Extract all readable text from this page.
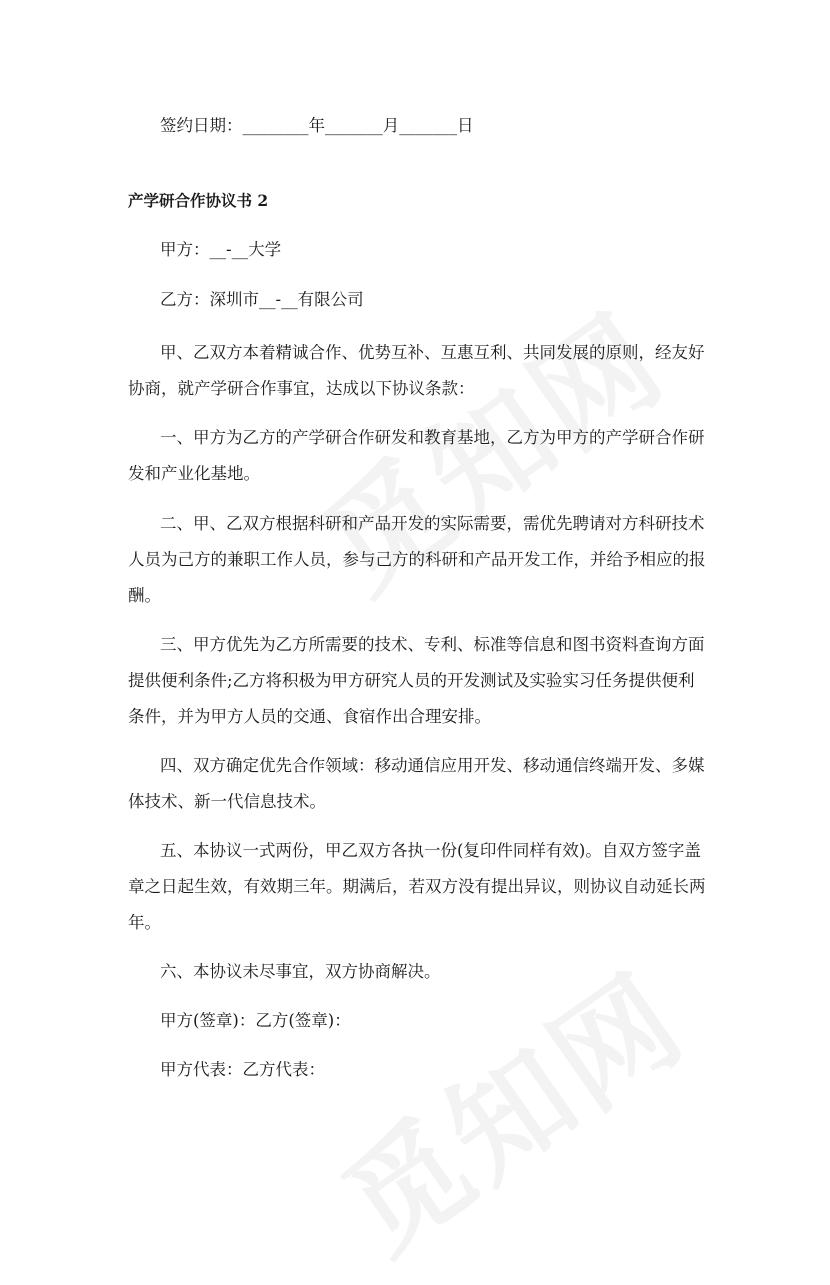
签约日期：________年_______月_______日
产学研合作协议书 2
甲方：__-__大学
乙方：深圳市__-__有限公司
甲、乙双方本着精诚合作、优势互补、互惠互利、共同发展的原则，经友好
协商，就产学研合作事宜，达成以下协议条款：
一、甲方为乙方的产学研合作研发和教育基地，乙方为甲方的产学研合作研
发和产业化基地。
二、甲、乙双方根据科研和产品开发的实际需要，需优先聘请对方科研技术
人员为己方的兼职工作人员，参与己方的科研和产品开发工作，并给予相应的报
酬。
三、甲方优先为乙方所需要的技术、专利、标准等信息和图书资料查询方面
提供便利条件;乙方将积极为甲方研究人员的开发测试及实验实习任务提供便利
条件，并为甲方人员的交通、食宿作出合理安排。
四、双方确定优先合作领域：移动通信应用开发、移动通信终端开发、多媒
体技术、新一代信息技术。
五、本协议一式两份，甲乙双方各执一份(复印件同样有效)。自双方签字盖
章之日起生效，有效期三年。期满后，若双方没有提出异议，则协议自动延长两
年。
六、本协议未尽事宜，双方协商解决。
甲方(签章)：乙方(签章)：
甲方代表：乙方代表：
